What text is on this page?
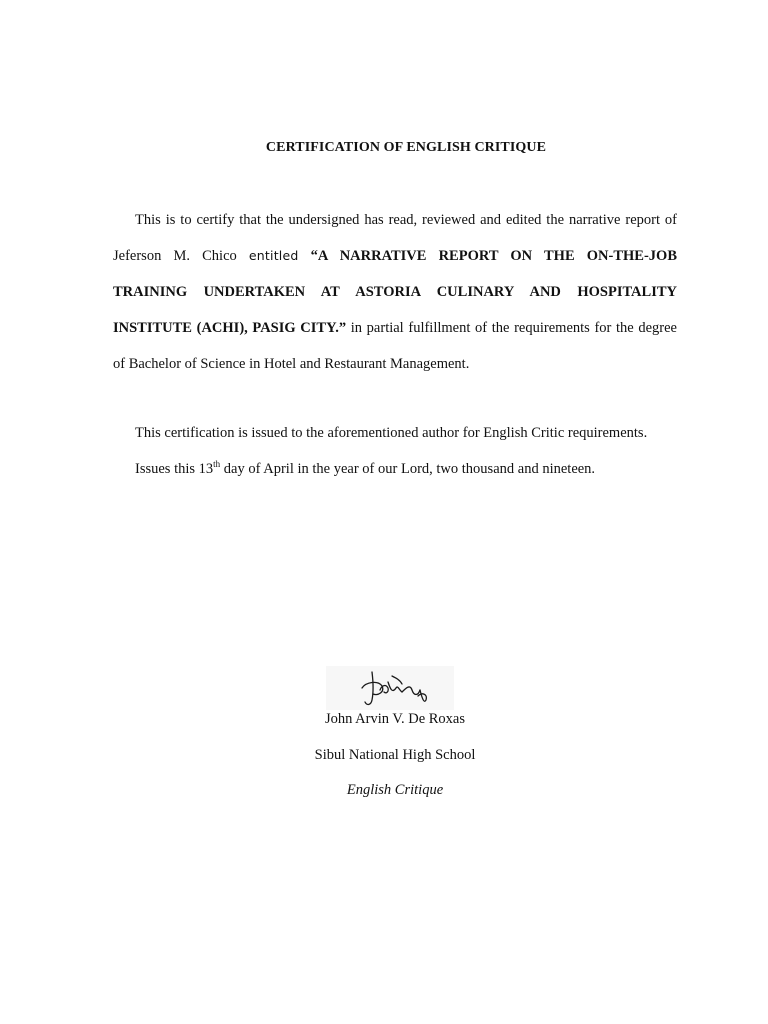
CERTIFICATION OF ENGLISH CRITIQUE

This is to certify that the undersigned has read, reviewed and edited the narrative report of Jeferson M. Chico entitled “A NARRATIVE REPORT ON THE ON-THE-JOB TRAINING UNDERTAKEN AT ASTORIA CULINARY AND HOSPITALITY INSTITUTE (ACHI), PASIG CITY.” in partial fulfillment of the requirements for the degree of Bachelor of Science in Hotel and Restaurant Management.

This certification is issued to the aforementioned author for English Critic requirements.
Issues this 13th day of April in the year of our Lord, two thousand and nineteen.
John Arvin V. De Roxas
Sibul National High School
English Critique
